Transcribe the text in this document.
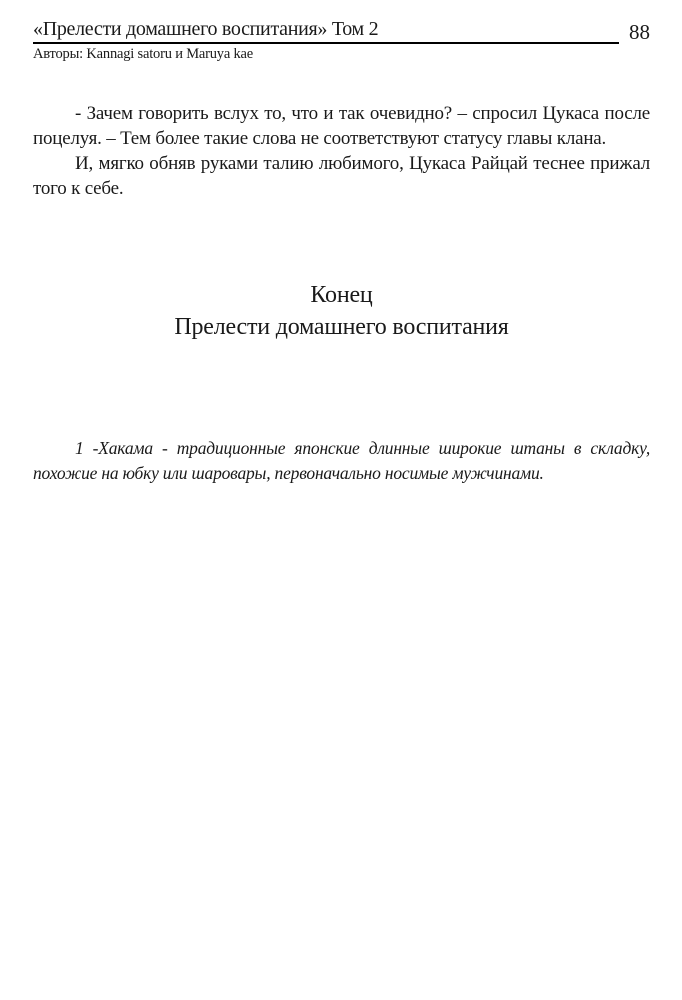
«Прелести домашнего воспитания» Том 2	88
Авторы: Kannagi satoru и Maruya kae

- Зачем говорить вслух то, что и так очевидно? – спросил Цукаса после поцелуя. – Тем более такие слова не соответствуют статусу главы клана.

И, мягко обняв руками талию любимого, Цукаса Райцай теснее прижал того к себе.

Конец
Прелести домашнего воспитания

1 -Хакама - традиционные японские длинные широкие штаны в складку, похожие на юбку или шаровары, первоначально носимые мужчинами.
